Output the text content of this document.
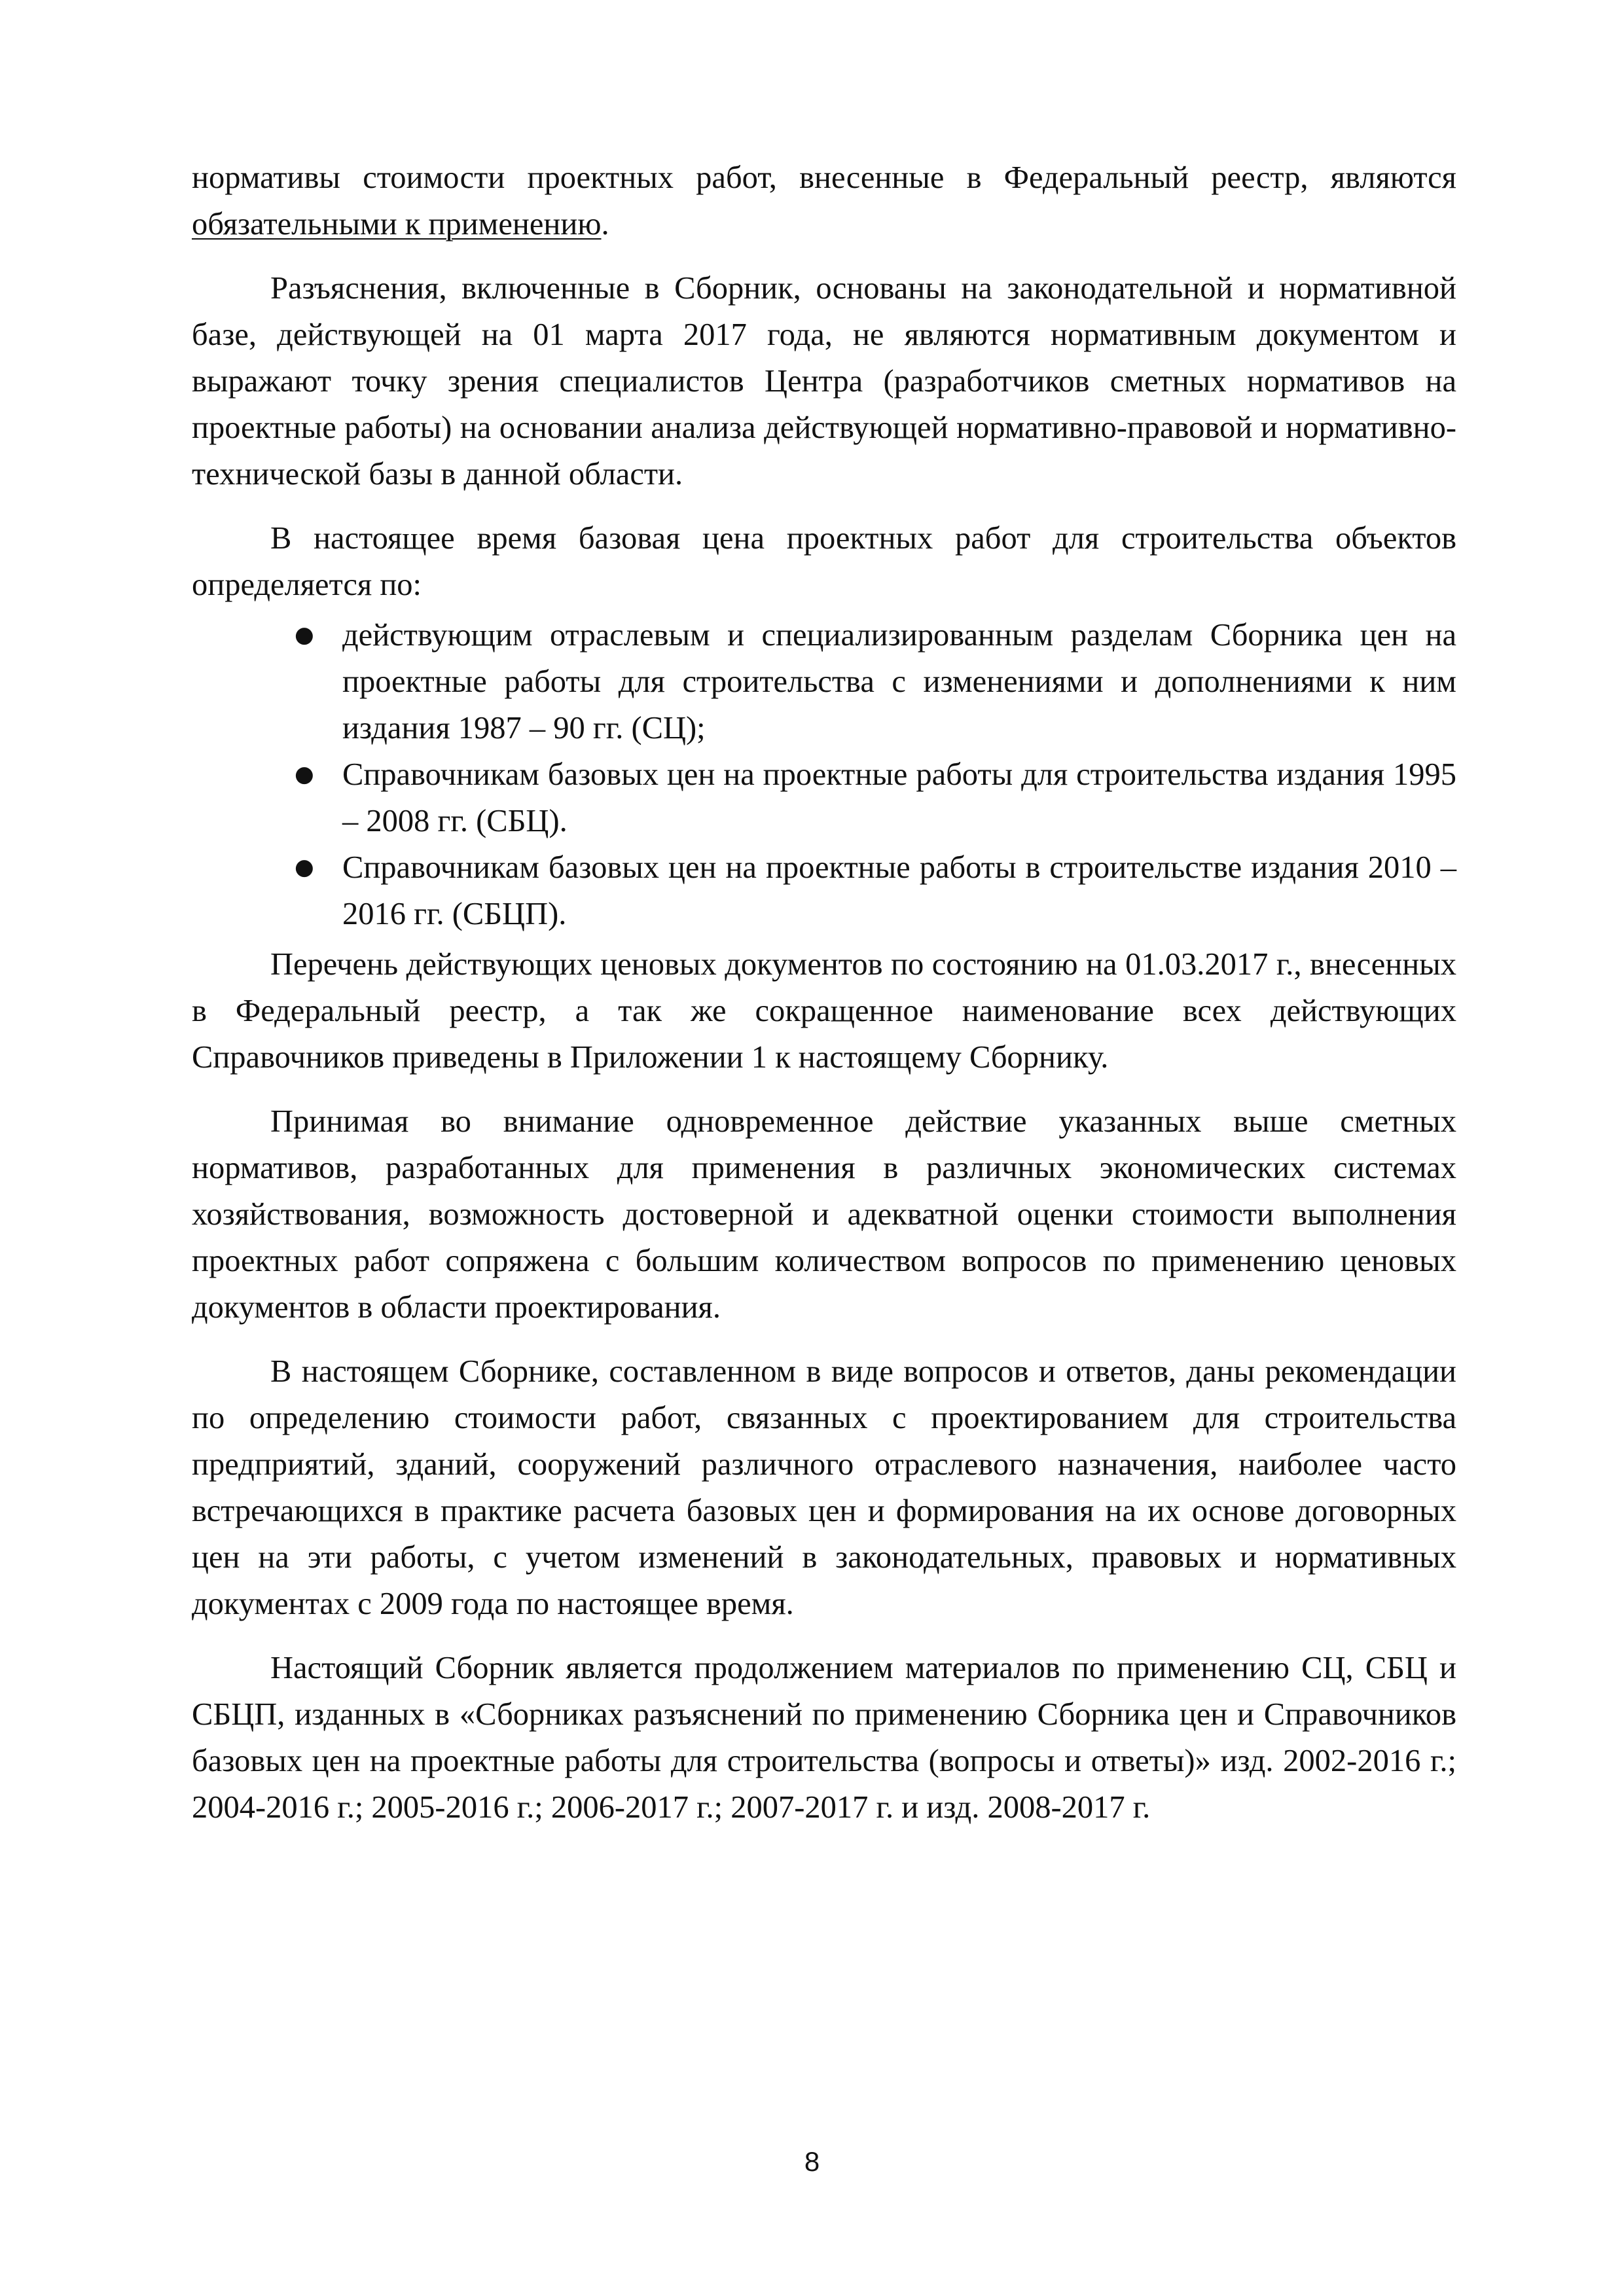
нормативы стоимости проектных работ, внесенные в Федеральный реестр, являются обязательными к применению.

Разъяснения, включенные в Сборник, основаны на законодательной и нормативной базе, действующей на 01 марта 2017 года, не являются нормативным документом и выражают точку зрения специалистов Центра (разработчиков сметных нормативов на проектные работы) на основании анализа действующей нормативно-правовой и нормативно-технической базы в данной области.

В настоящее время базовая цена проектных работ для строительства объектов определяется по:

● действующим отраслевым и специализированным разделам Сборника цен на проектные работы для строительства с изменениями и дополнениями к ним издания 1987 – 90 гг. (СЦ);
● Справочникам базовых цен на проектные работы для строительства издания 1995 – 2008 гг. (СБЦ).
● Справочникам базовых цен на проектные работы в строительстве издания 2010 – 2016 гг. (СБЦП).

Перечень действующих ценовых документов по состоянию на 01.03.2017 г., внесенных в Федеральный реестр, а так же сокращенное наименование всех действующих Справочников приведены в Приложении 1 к настоящему Сборнику.

Принимая во внимание одновременное действие указанных выше сметных нормативов, разработанных для применения в различных экономических системах хозяйствования, возможность достоверной и адекватной оценки стоимости выполнения проектных работ сопряжена с большим количеством вопросов по применению ценовых документов в области проектирования.

В настоящем Сборнике, составленном в виде вопросов и ответов, даны рекомендации по определению стоимости работ, связанных с проектированием для строительства предприятий, зданий, сооружений различного отраслевого назначения, наиболее часто встречающихся в практике расчета базовых цен и формирования на их основе договорных цен на эти работы, с учетом изменений в законодательных, правовых и нормативных документах с 2009 года по настоящее время.

Настоящий Сборник является продолжением материалов по применению СЦ, СБЦ и СБЦП, изданных в «Сборниках разъяснений по применению Сборника цен и Справочников базовых цен на проектные работы для строительства (вопросы и ответы)» изд. 2002-2016 г.; 2004-2016 г.; 2005-2016 г.; 2006-2017 г.; 2007-2017 г. и изд. 2008-2017 г.

8
